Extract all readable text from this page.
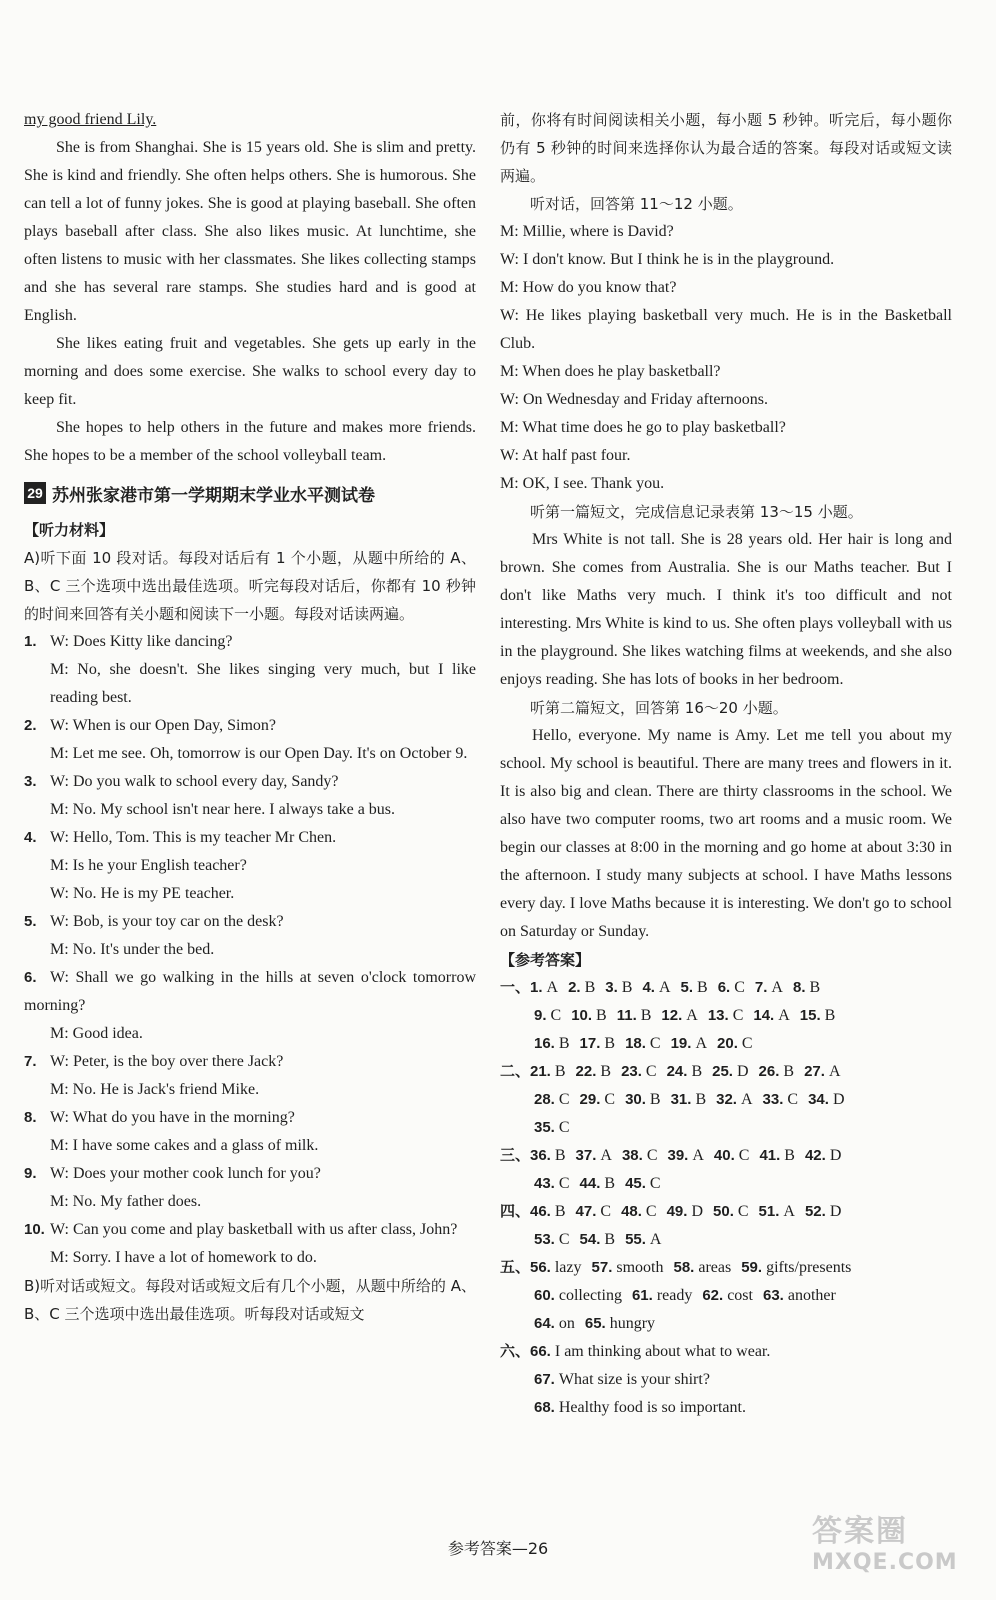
my good friend Lily.

She is from Shanghai. She is 15 years old. She is slim and pretty. She is kind and friendly. She often helps others. She is humorous. She can tell a lot of funny jokes. She is good at playing baseball. She often plays baseball after class. She also likes music. At lunchtime, she often listens to music with her classmates. She likes collecting stamps and she has several rare stamps. She studies hard and is good at English.

She likes eating fruit and vegetables. She gets up early in the morning and does some exercise. She walks to school every day to keep fit.

She hopes to help others in the future and makes more friends. She hopes to be a member of the school volleyball team.

29 苏州张家港市第一学期期末学业水平测试卷
【听力材料】

A)听下面 10 段对话。每段对话后有 1 个小题，从题中所给的 A、B、C 三个选项中选出最佳选项。听完每段对话后，你都有 10 秒钟的时间来回答有关小题和阅读下一小题。每段对话读两遍。

1. W: Does Kitty like dancing?
M: No, she doesn't. She likes singing very much, but I like reading best.
2. W: When is our Open Day, Simon?
M: Let me see. Oh, tomorrow is our Open Day. It's on October 9.
3. W: Do you walk to school every day, Sandy?
M: No. My school isn't near here. I always take a bus.
4. W: Hello, Tom. This is my teacher Mr Chen.
M: Is he your English teacher?
W: No. He is my PE teacher.
5. W: Bob, is your toy car on the desk?
M: No. It's under the bed.
6. W: Shall we go walking in the hills at seven o'clock tomorrow morning?
M: Good idea.
7. W: Peter, is the boy over there Jack?
M: No. He is Jack's friend Mike.
8. W: What do you have in the morning?
M: I have some cakes and a glass of milk.
9. W: Does your mother cook lunch for you?
M: No. My father does.
10. W: Can you come and play basketball with us after class, John?
M: Sorry. I have a lot of homework to do.

B)听对话或短文。每段对话或短文后有几个小题，从题中所给的 A、B、C 三个选项中选出最佳选项。听每段对话或短文

前，你将有时间阅读相关小题，每小题 5 秒钟。听完后，每小题你仍有 5 秒钟的时间来选择你认为最合适的答案。每段对话或短文读两遍。

听对话，回答第 11～12 小题。

M: Millie, where is David?

W: I don't know. But I think he is in the playground.

M: How do you know that?

W: He likes playing basketball very much. He is in the Basketball Club.

M: When does he play basketball?

W: On Wednesday and Friday afternoons.

M: What time does he go to play basketball?

W: At half past four.

M: OK, I see. Thank you.

听第一篇短文，完成信息记录表第 13～15 小题。

Mrs White is not tall. She is 28 years old. Her hair is long and brown. She comes from Australia. She is our Maths teacher. But I don't like Maths very much. I think it's too difficult and not interesting. Mrs White is kind to us. She often plays volleyball with us in the playground. She likes watching films at weekends, and she also enjoys reading. She has lots of books in her bedroom.

听第二篇短文，回答第 16～20 小题。

Hello, everyone. My name is Amy. Let me tell you about my school. My school is beautiful. There are many trees and flowers in it. It is also big and clean. There are thirty classrooms in the school. We also have two computer rooms, two art rooms and a music room. We begin our classes at 8:00 in the morning and go home at about 3:30 in the afternoon. I study many subjects at school. I have Maths lessons every day. I love Maths because it is interesting. We don't go to school on Saturday or Sunday.

【参考答案】

一、1. A 2. B 3. B 4. A 5. B 6. C 7. A 8. B

9. C 10. B 11. B 12. A 13. C 14. A 15. B

16. B 17. B 18. C 19. A 20. C

二、21. B 22. B 23. C 24. B 25. D 26. B 27. A

28. C 29. C 30. B 31. B 32. A 33. C 34. D

35. C

三、36. B 37. A 38. C 39. A 40. C 41. B 42. D

43. C 44. B 45. C

四、46. B 47. C 48. C 49. D 50. C 51. A 52. D

53. C 54. B 55. A

五、56. lazy 57. smooth 58. areas 59. gifts/presents

60. collecting 61. ready 62. cost 63. another

64. on 65. hungry

六、66. I am thinking about what to wear.

67. What size is your shirt?

68. Healthy food is so important.

参考答案—26	答案圈
MXQE.COM
